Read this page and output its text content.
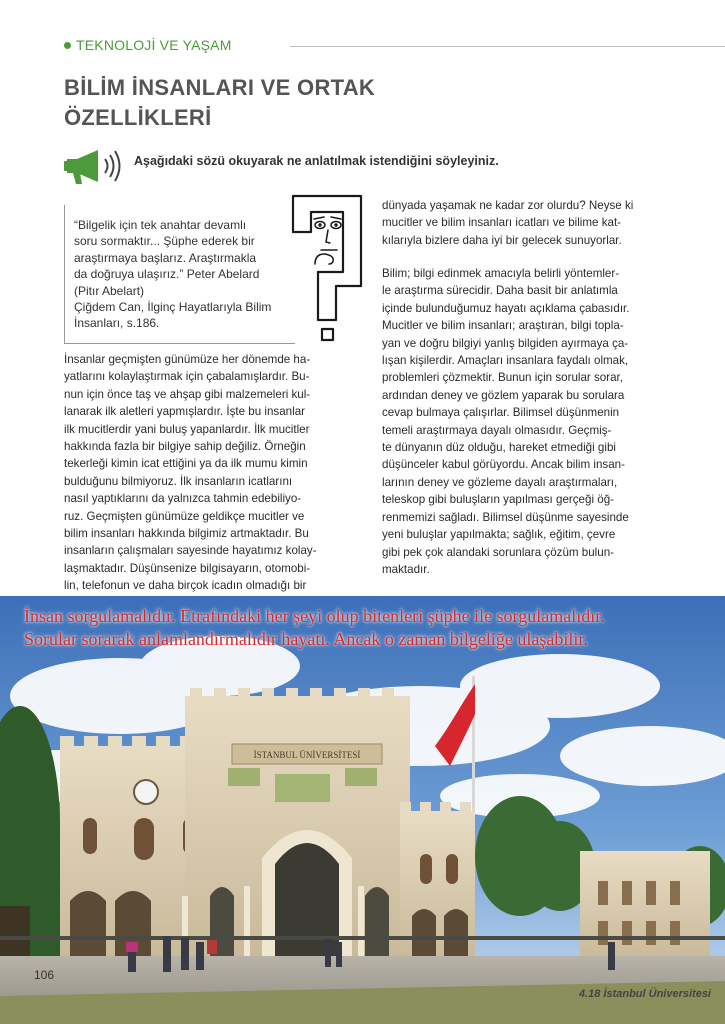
TEKNOLOJİ VE YAŞAM
BİLİM İNSANLARI VE ORTAK
ÖZELLİKLERİ
Aşağıdaki sözü okuyarak ne anlatılmak istendiğini söyleyiniz.

“Bilgelik için tek anahtar devamlı
soru sormaktır... Şüphe ederek bir
araştırmaya başlarız. Araştırmakla
da doğruya ulaşırız.” Peter Abelard
(Pitır Abelart)
Çiğdem Can, İlginç Hayatlarıyla Bilim
İnsanları, s.186.

İnsanlar geçmişten günümüze her dönemde ha-
yatlarını kolaylaştırmak için çabalamışlardır. Bu-
nun için önce taş ve ahşap gibi malzemeleri kul-
lanarak ilk aletleri yapmışlardır. İşte bu insanlar
ilk mucitlerdir yani buluş yapanlardır. İlk mucitler
hakkında fazla bir bilgiye sahip değiliz. Örneğin
tekerleği kimin icat ettiğini ya da ilk mumu kimin
bulduğunu bilmiyoruz. İlk insanların icatlarını
nasıl yaptıklarını da yalnızca tahmin edebiliyo-
ruz. Geçmişten günümüze geldikçe mucitler ve
bilim insanları hakkında bilgimiz artmaktadır. Bu
insanların çalışmaları sayesinde hayatımız kolay-
laşmaktadır. Düşünsenize bilgisayarın, otomobi-
lin, telefonun ve daha birçok icadın olmadığı bir

dünyada yaşamak ne kadar zor olurdu? Neyse ki
mucitler ve bilim insanları icatları ve bilime kat-
kılarıyla bizlere daha iyi bir gelecek sunuyorlar.

Bilim; bilgi edinmek amacıyla belirli yöntemler-
le araştırma sürecidir. Daha basit bir anlatımla
içinde bulunduğumuz hayatı açıklama çabasıdır.
Mucitler ve bilim insanları; araştıran, bilgi topla-
yan ve doğru bilgiyi yanlış bilgiden ayırmaya ça-
lışan kişilerdir. Amaçları insanlara faydalı olmak,
problemleri çözmektir. Bunun için sorular sorar,
ardından deney ve gözlem yaparak bu sorulara
cevap bulmaya çalışırlar. Bilimsel düşünmenin
temeli araştırmaya dayalı olmasıdır. Geçmiş-
te dünyanın düz olduğu, hareket etmediği gibi
düşünceler kabul görüyordu. Ancak bilim insan-
larının deney ve gözleme dayalı araştırmaları,
teleskop gibi buluşların yapılması gerçeği öğ-
renmemizi sağladı. Bilimsel düşünme sayesinde
yeni buluşlar yapılmakta; sağlık, eğitim, çevre
gibi pek çok alandaki sorunlara çözüm bulun-
maktadır.

İSTANBUL ÜNİVERSİTESİ

İnsan sorgulamalıdır. Etrafındaki her şeyi olup bitenleri şüphe ile sorgulamalıdır.
Sorular sorarak anlamlandırmalıdır hayatı. Ancak o zaman bilgeliğe ulaşabilir.

106
4.18 İstanbul Üniversitesi
